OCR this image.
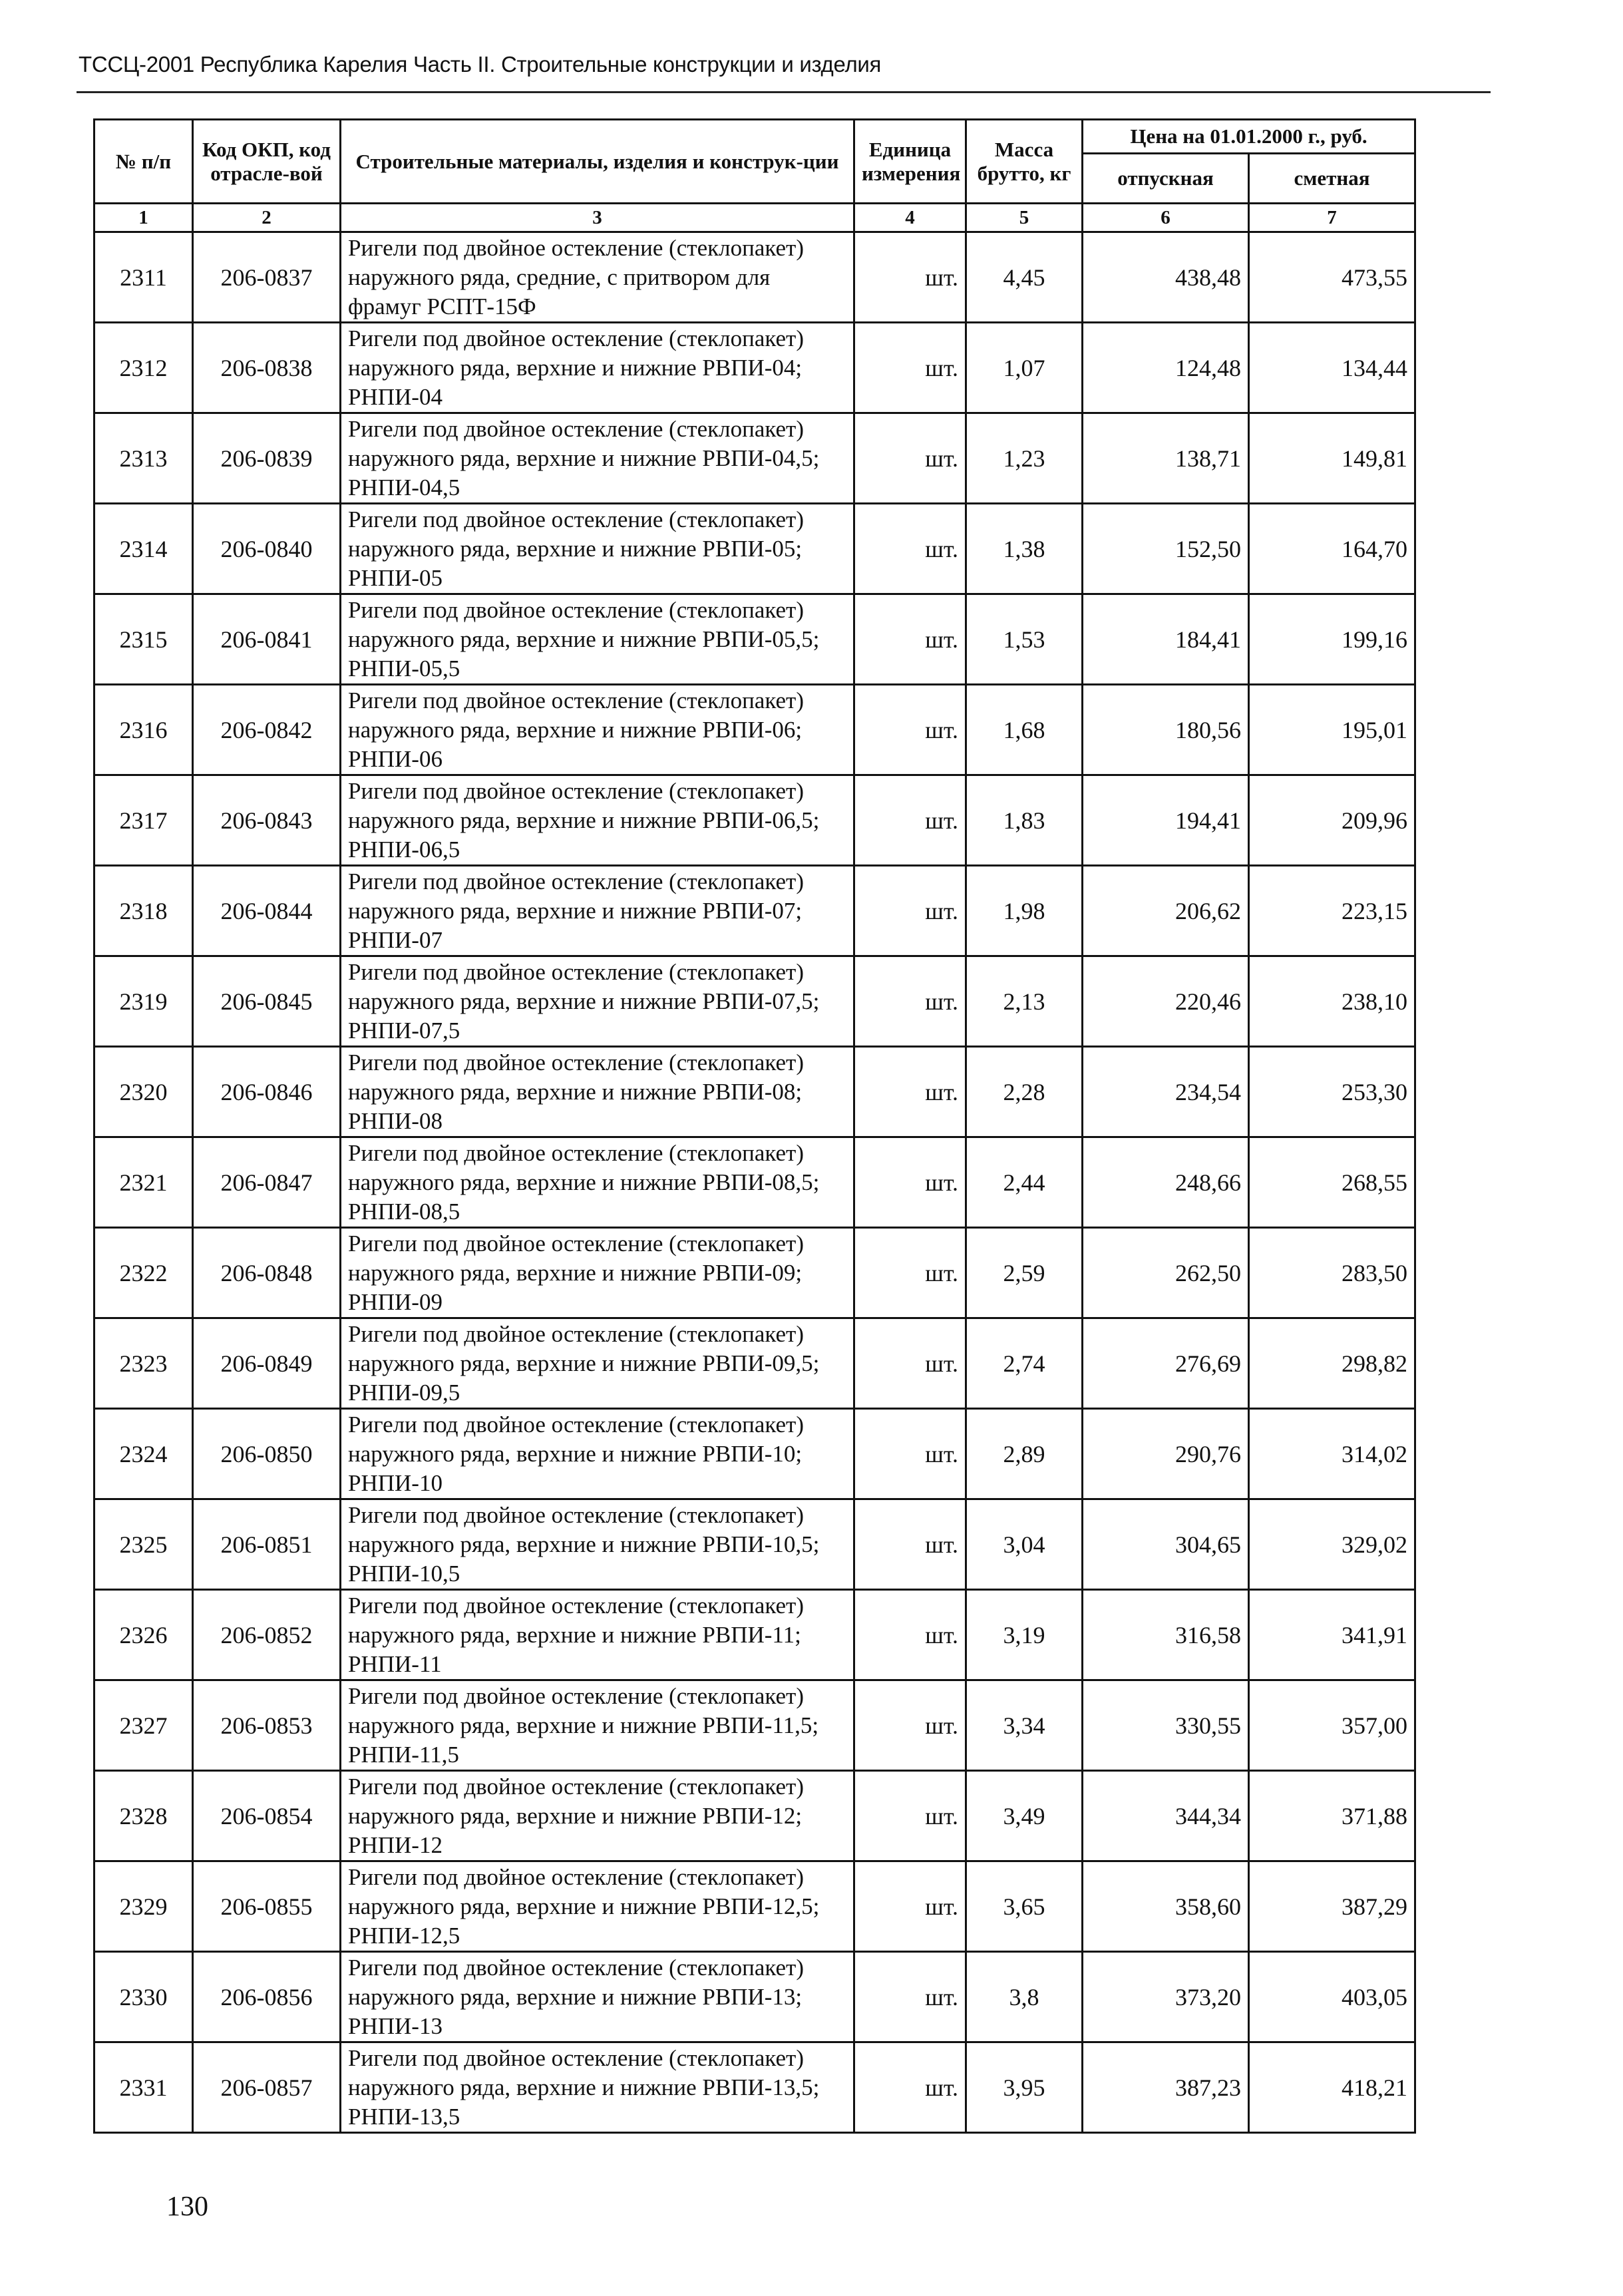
ТССЦ-2001 Республика Карелия Часть II. Строительные конструкции и изделия
№ п/п	Код ОКП, код отрасле-вой	Строительные материалы, изделия и конструк-ции	Единица измерения	Масса брутто, кг	Цена на 01.01.2000 г., руб.	
					отпускная	сметная
1	2	3	4	5	6	7
2311	206-0837	Ригели под двойное остекление (стеклопакет) наружного ряда, средние, с притвором для фрамуг РСПТ-15Ф	шт.	4,45	438,48	473,55
2312	206-0838	Ригели под двойное остекление (стеклопакет) наружного ряда, верхние и нижние РВПИ-04; РНПИ-04	шт.	1,07	124,48	134,44
2313	206-0839	Ригели под двойное остекление (стеклопакет) наружного ряда, верхние и нижние РВПИ-04,5; РНПИ-04,5	шт.	1,23	138,71	149,81
2314	206-0840	Ригели под двойное остекление (стеклопакет) наружного ряда, верхние и нижние РВПИ-05; РНПИ-05	шт.	1,38	152,50	164,70
2315	206-0841	Ригели под двойное остекление (стеклопакет) наружного ряда, верхние и нижние РВПИ-05,5; РНПИ-05,5	шт.	1,53	184,41	199,16
2316	206-0842	Ригели под двойное остекление (стеклопакет) наружного ряда, верхние и нижние РВПИ-06; РНПИ-06	шт.	1,68	180,56	195,01
2317	206-0843	Ригели под двойное остекление (стеклопакет) наружного ряда, верхние и нижние РВПИ-06,5; РНПИ-06,5	шт.	1,83	194,41	209,96
2318	206-0844	Ригели под двойное остекление (стеклопакет) наружного ряда, верхние и нижние РВПИ-07; РНПИ-07	шт.	1,98	206,62	223,15
2319	206-0845	Ригели под двойное остекление (стеклопакет) наружного ряда, верхние и нижние РВПИ-07,5; РНПИ-07,5	шт.	2,13	220,46	238,10
2320	206-0846	Ригели под двойное остекление (стеклопакет) наружного ряда, верхние и нижние РВПИ-08; РНПИ-08	шт.	2,28	234,54	253,30
2321	206-0847	Ригели под двойное остекление (стеклопакет) наружного ряда, верхние и нижние РВПИ-08,5; РНПИ-08,5	шт.	2,44	248,66	268,55
2322	206-0848	Ригели под двойное остекление (стеклопакет) наружного ряда, верхние и нижние РВПИ-09; РНПИ-09	шт.	2,59	262,50	283,50
2323	206-0849	Ригели под двойное остекление (стеклопакет) наружного ряда, верхние и нижние РВПИ-09,5; РНПИ-09,5	шт.	2,74	276,69	298,82
2324	206-0850	Ригели под двойное остекление (стеклопакет) наружного ряда, верхние и нижние РВПИ-10; РНПИ-10	шт.	2,89	290,76	314,02
2325	206-0851	Ригели под двойное остекление (стеклопакет) наружного ряда, верхние и нижние РВПИ-10,5; РНПИ-10,5	шт.	3,04	304,65	329,02
2326	206-0852	Ригели под двойное остекление (стеклопакет) наружного ряда, верхние и нижние РВПИ-11; РНПИ-11	шт.	3,19	316,58	341,91
2327	206-0853	Ригели под двойное остекление (стеклопакет) наружного ряда, верхние и нижние РВПИ-11,5; РНПИ-11,5	шт.	3,34	330,55	357,00
2328	206-0854	Ригели под двойное остекление (стеклопакет) наружного ряда, верхние и нижние РВПИ-12; РНПИ-12	шт.	3,49	344,34	371,88
2329	206-0855	Ригели под двойное остекление (стеклопакет) наружного ряда, верхние и нижние РВПИ-12,5; РНПИ-12,5	шт.	3,65	358,60	387,29
2330	206-0856	Ригели под двойное остекление (стеклопакет) наружного ряда, верхние и нижние РВПИ-13; РНПИ-13	шт.	3,8	373,20	403,05
2331	206-0857	Ригели под двойное остекление (стеклопакет) наружного ряда, верхние и нижние РВПИ-13,5; РНПИ-13,5	шт.	3,95	387,23	418,21
130
